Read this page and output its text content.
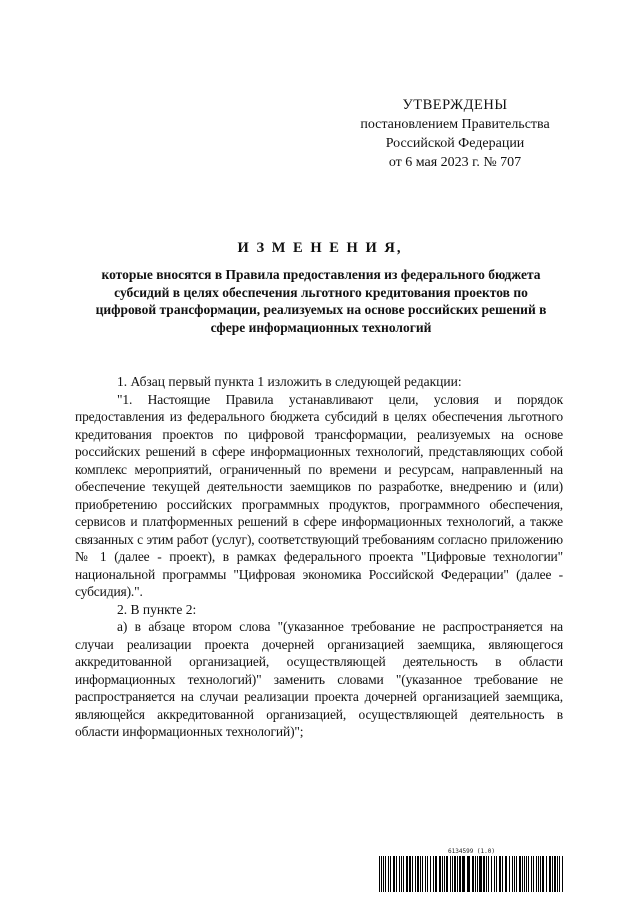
УТВЕРЖДЕНЫ
постановлением Правительства
Российской Федерации
от 6 мая 2023 г. № 707
И З М Е Н Е Н И Я,
которые вносятся в Правила предоставления из федерального бюджета субсидий в целях обеспечения льготного кредитования проектов по цифровой трансформации, реализуемых на основе российских решений в сфере информационных технологий

1. Абзац первый пункта 1 изложить в следующей редакции:

"1. Настоящие Правила устанавливают цели, условия и порядок предоставления из федерального бюджета субсидий в целях обеспечения льготного кредитования проектов по цифровой трансформации, реализуемых на основе российских решений в сфере информационных технологий, представляющих собой комплекс мероприятий, ограниченный по времени и ресурсам, направленный на обеспечение текущей деятельности заемщиков по разработке, внедрению и (или) приобретению российских программных продуктов, программного обеспечения, сервисов и платформенных решений в сфере информационных технологий, а также связанных с этим работ (услуг), соответствующий требованиям согласно приложению № 1 (далее - проект), в рамках федерального проекта "Цифровые технологии" национальной программы "Цифровая экономика Российской Федерации" (далее - субсидия).".

2. В пункте 2:

а) в абзаце втором слова "(указанное требование не распространяется на случаи реализации проекта дочерней организацией заемщика, являющегося аккредитованной организацией, осуществляющей деятельность в области информационных технологий)" заменить словами "(указанное требование не распространяется на случаи реализации проекта дочерней организацией заемщика, являющейся аккредитованной организацией, осуществляющей деятельность в области информационных технологий)";

6134599 (1.0)
